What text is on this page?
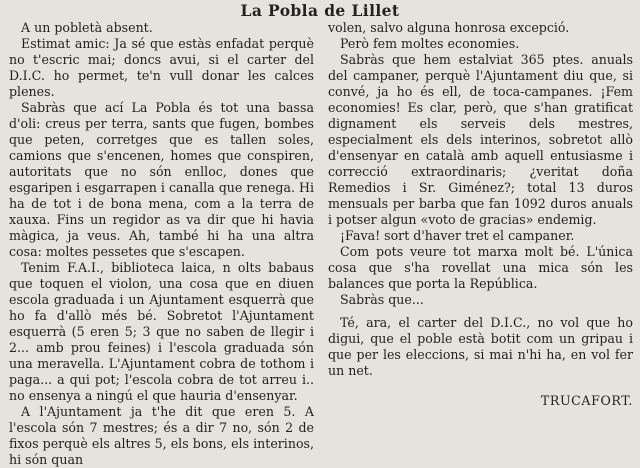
La Pobla de Lillet

A un pobletà absent.

Estimat amic: Ja sé que estàs enfadat perquè no t'escric mai; doncs avui, si el carter del D.I.C. ho permet, te'n vull donar les calces plenes.

Sabràs que ací La Pobla és tot una bassa d'oli: creus per terra, sants que fugen, bombes que peten, corretges que es tallen soles, camions que s'encenen, homes que conspiren, autoritats que no són enlloc, dones que esgaripen i esgarrapen i canalla que renega. Hi ha de tot i de bona mena, com a la terra de xauxa. Fins un regidor as va dir que hi havia màgica, ja veus. Ah, també hi ha una altra cosa: moltes pessetes que s'escapen.

Tenim F.A.I., biblioteca laica, n olts babaus que toquen el violon, una cosa que en diuen escola graduada i un Ajuntament esquerrà que ho fa d'allò més bé. Sobretot l'Ajuntament esquerrà (5 eren 5; 3 que no saben de llegir i 2... amb prou feines) i l'escola graduada són una meravella. L'Ajuntament cobra de tothom i paga... a qui pot; l'escola cobra de tot arreu i.. no ensenya a ningú el que hauria d'ensenyar.

A l'Ajuntament ja t'he dit que eren 5. A l'escola són 7 mestres; és a dir 7 no, són 2 de fixos perquè els altres 5, els bons, els interinos, hi són quan

volen, salvo alguna honrosa excepció.

Però fem moltes economies.

Sabràs que hem estalviat 365 ptes. anuals del campaner, perquè l'Ajuntament diu que, si convé, ja ho és ell, de toca-campanes. ¡Fem economies! Es clar, però, que s'han gratificat dignament els serveis dels mestres, especialment els dels interinos, sobretot allò d'ensenyar en català amb aquell entusiasme i correcció extraordinaris; ¿veritat doña Remedios i Sr. Giménez?; total 13 duros mensuals per barba que fan 1092 duros anuals i potser algun «voto de gracias» endemig.

¡Fava! sort d'haver tret el campaner.

Com pots veure tot marxa molt bé. L'única cosa que s'ha rovellat una mica són les balances que porta la República.

Sabràs que...

Té, ara, el carter del D.I.C., no vol que ho digui, que el poble està botit com un gripau i que per les eleccions, si mai n'hi ha, en vol fer un net.

TRUCAFORT.
